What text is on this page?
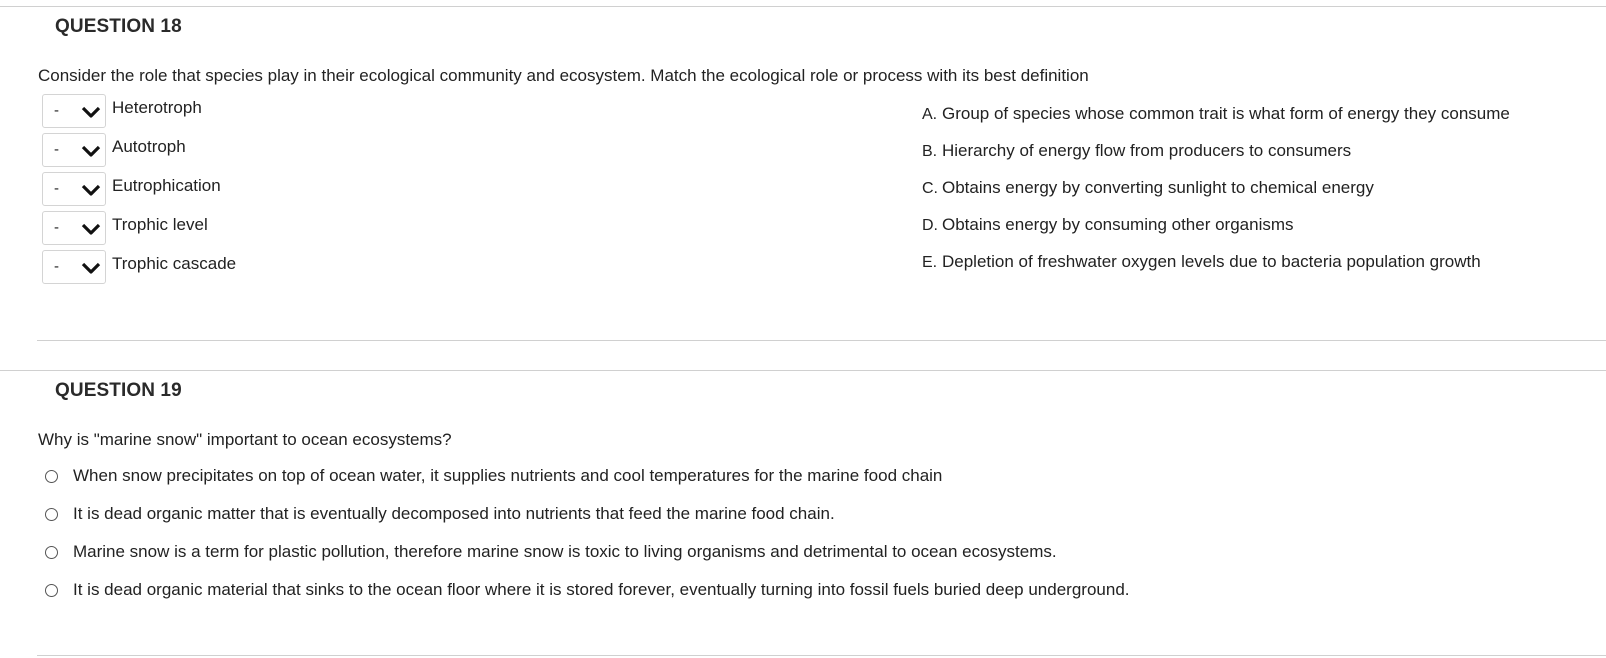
QUESTION 18
Consider the role that species play in their ecological community and ecosystem. Match the ecological role or process with its best definition
-	Heterotroph
-	Autotroph
-	Eutrophication
-	Trophic level
-	Trophic cascade
A. Group of species whose common trait is what form of energy they consume
B. Hierarchy of energy flow from producers to consumers
C. Obtains energy by converting sunlight to chemical energy
D. Obtains energy by consuming other organisms
E. Depletion of freshwater oxygen levels due to bacteria population growth
QUESTION 19
Why is "marine snow" important to ocean ecosystems?
When snow precipitates on top of ocean water, it supplies nutrients and cool temperatures for the marine food chain
It is dead organic matter that is eventually decomposed into nutrients that feed the marine food chain.
Marine snow is a term for plastic pollution, therefore marine snow is toxic to living organisms and detrimental to ocean ecosystems.
It is dead organic material that sinks to the ocean floor where it is stored forever, eventually turning into fossil fuels buried deep underground.
